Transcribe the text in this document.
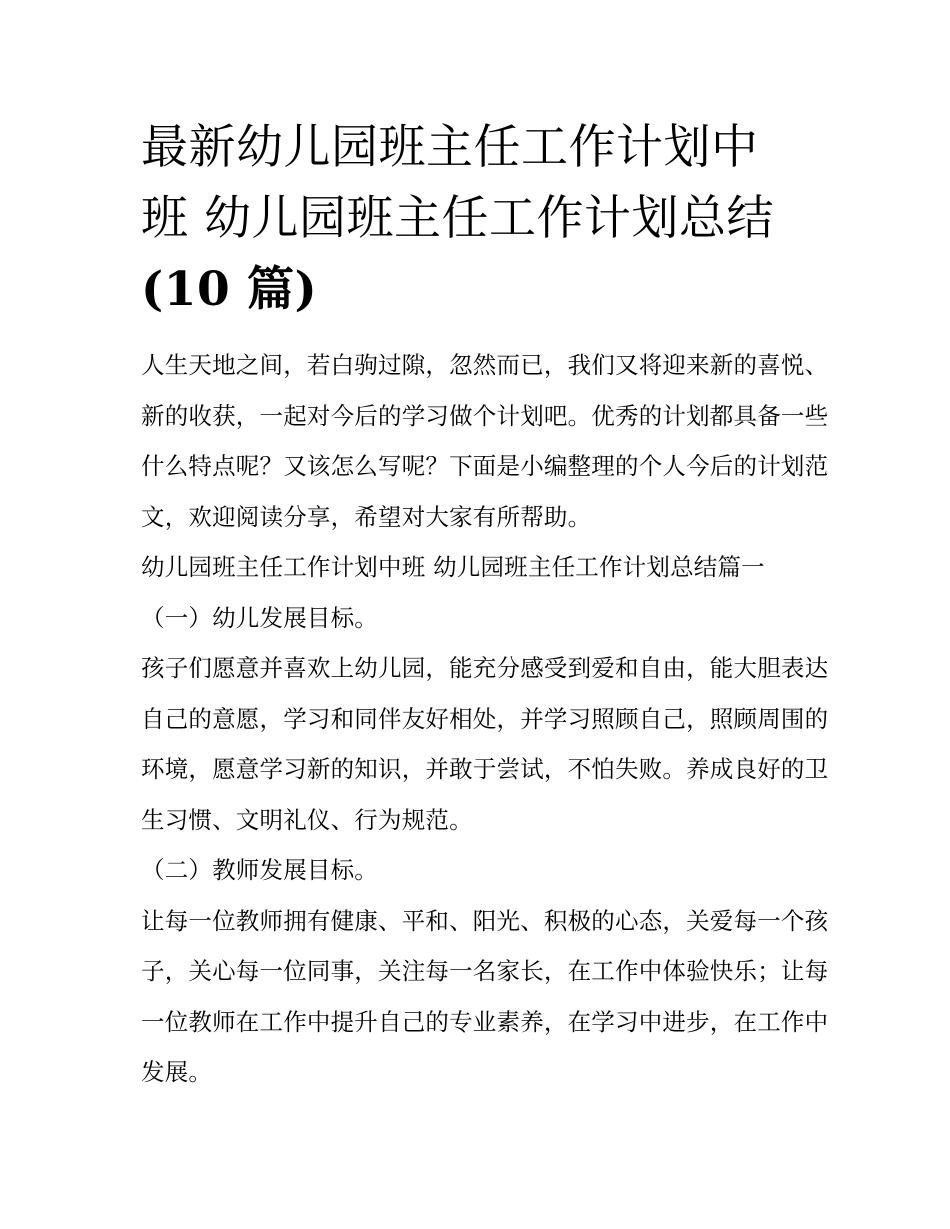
最新幼儿园班主任工作计划中
班 幼儿园班主任工作计划总结
(10 篇)

人生天地之间，若白驹过隙，忽然而已，我们又将迎来新的喜悦、新的收获，一起对今后的学习做个计划吧。优秀的计划都具备一些什么特点呢？又该怎么写呢？下面是小编整理的个人今后的计划范文，欢迎阅读分享，希望对大家有所帮助。

幼儿园班主任工作计划中班 幼儿园班主任工作计划总结篇一

（一）幼儿发展目标。

孩子们愿意并喜欢上幼儿园，能充分感受到爱和自由，能大胆表达自己的意愿，学习和同伴友好相处，并学习照顾自己，照顾周围的环境，愿意学习新的知识，并敢于尝试，不怕失败。养成良好的卫生习惯、文明礼仪、行为规范。

（二）教师发展目标。

让每一位教师拥有健康、平和、阳光、积极的心态，关爱每一个孩子，关心每一位同事，关注每一名家长，在工作中体验快乐；让每一位教师在工作中提升自己的专业素养，在学习中进步，在工作中发展。
